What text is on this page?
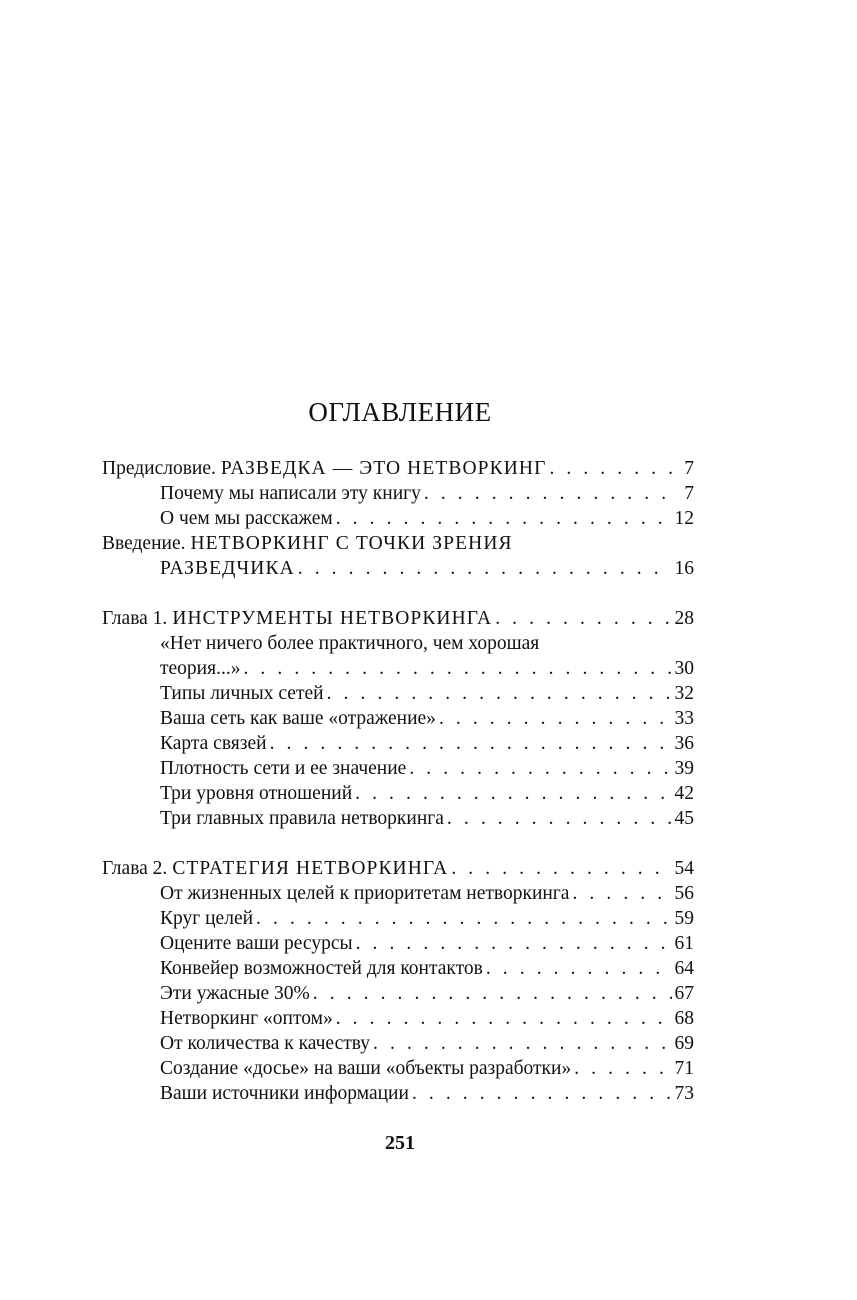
ОГЛАВЛЕНИЕ
Предисловие. РАЗВЕДКА — ЭТО НЕТВОРКИНГ . . .	7
Почему мы написали эту книгу . . .	7
О чем мы расскажем . . .	12
Введение. НЕТВОРКИНГ С ТОЧКИ ЗРЕНИЯ
РАЗВЕДЧИКА . . .	16
Глава 1. ИНСТРУМЕНТЫ НЕТВОРКИНГА . . .	28
«Нет ничего более практичного, чем хорошая
теория...» . . .	30
Типы личных сетей . . .	32
Ваша сеть как ваше «отражение» . . .	33
Карта связей . . .	36
Плотность сети и ее значение . . .	39
Три уровня отношений . . .	42
Три главных правила нетворкинга . . .	45
Глава 2. СТРАТЕГИЯ НЕТВОРКИНГА . . .	54
От жизненных целей к приоритетам нетворкинга . . .	56
Круг целей . . .	59
Оцените ваши ресурсы . . .	61
Конвейер возможностей для контактов . . .	64
Эти ужасные 30% . . .	67
Нетворкинг «оптом» . . .	68
От количества к качеству . . .	69
Создание «досье» на ваши «объекты разработки» . . .	71
Ваши источники информации . . .	73
251
